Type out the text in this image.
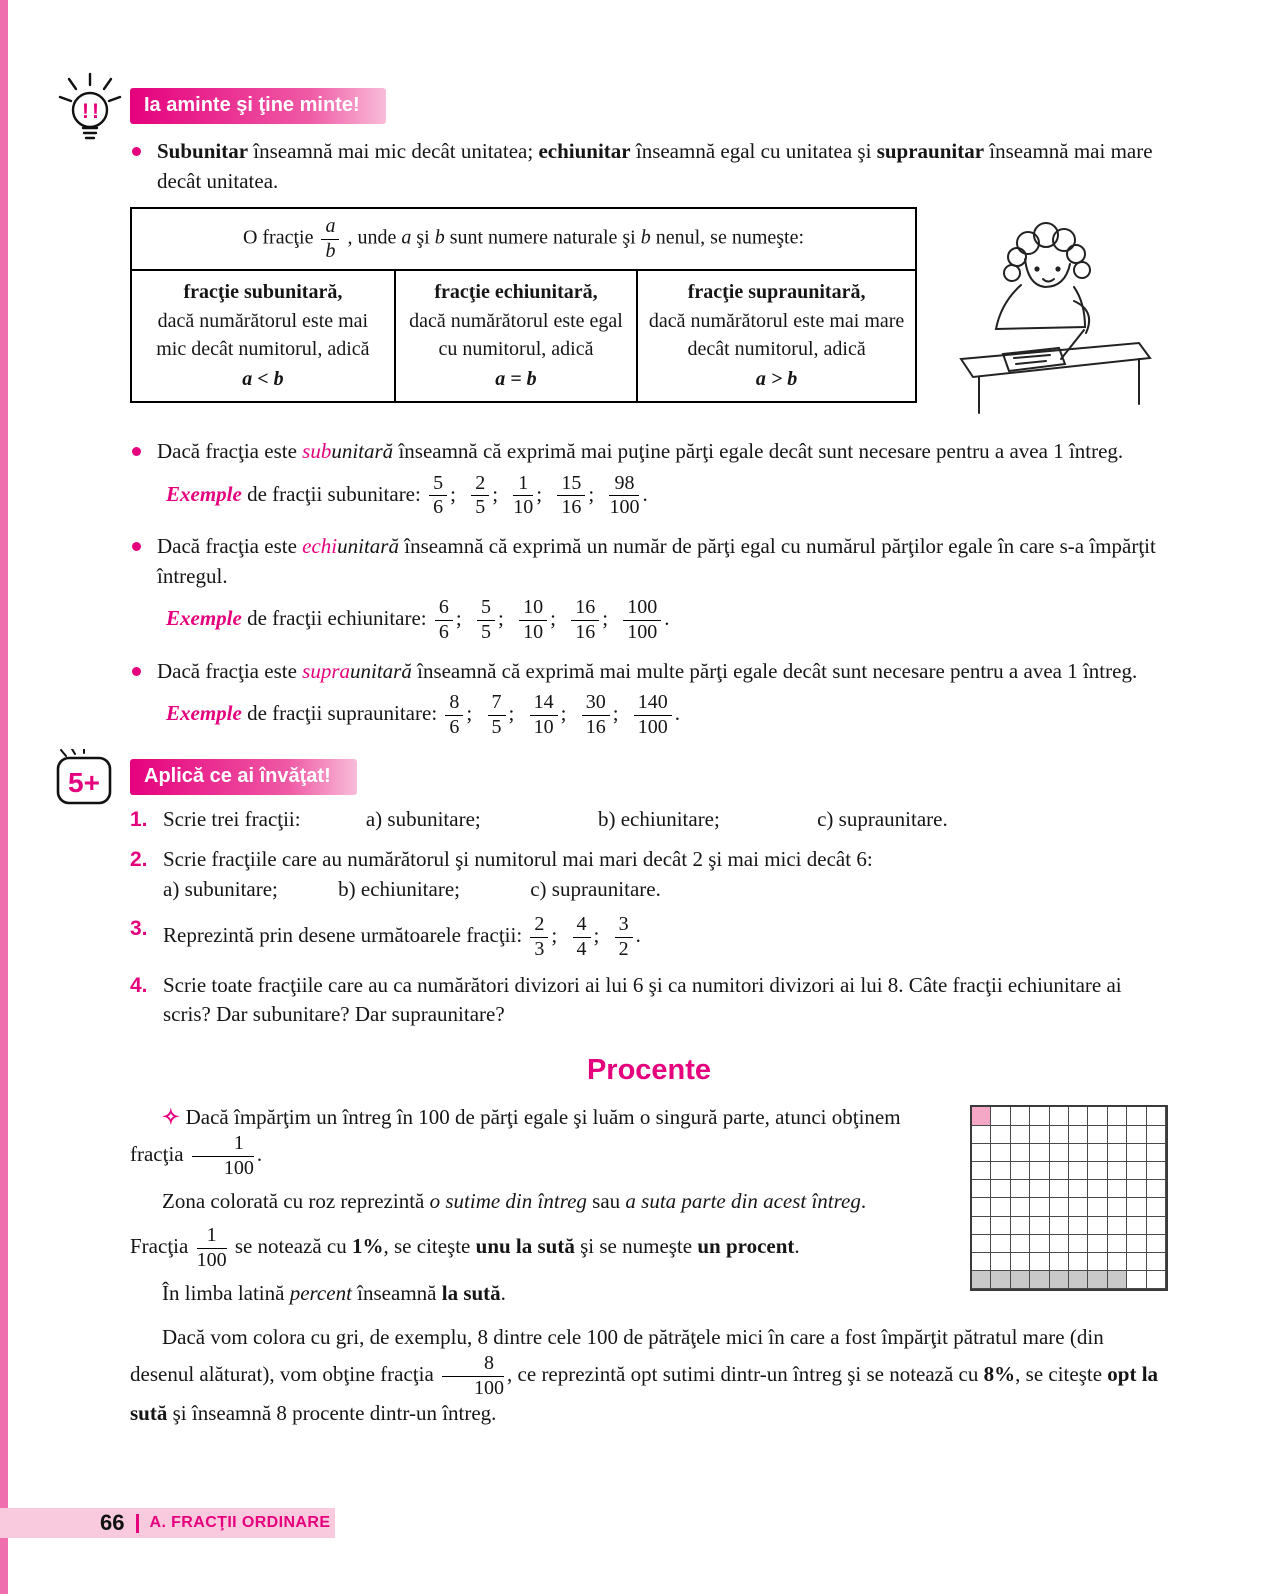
! ! Ia aminte şi ţine minte!

Subunitar înseamnă mai mic decât unitatea; echiunitar înseamnă egal cu unitatea şi supraunitar înseamnă mai mare decât unitatea.

O fracţie $\frac{a}{b}$ , unde a şi b sunt numere naturale şi b nenul, se numeşte:

fracţie subunitară,
dacă numărătorul este mai mic decât numitorul, adică
a < b

fracţie echiunitară,
dacă numărătorul este egal cu numitorul, adică
a = b

fracţie supraunitară,
dacă numărătorul este mai mare decât numitorul, adică
a > b

Dacă fracţia este subunitară înseamnă că exprimă mai puţine părţi egale decât sunt necesare pentru a avea 1 întreg.

Exemple de fracţii subunitare: $\frac{5}{6}$ ; $\frac{2}{5}$ ; $\frac{1}{10}$ ; $\frac{15}{16}$ ; $\frac{98}{100}$ .

Dacă fracţia este echiunitară înseamnă că exprimă un număr de părţi egal cu numărul părţilor egale în care s-a împărţit întregul.

Exemple de fracţii echiunitare: $\frac{6}{6}$ ; $\frac{5}{5}$ ; $\frac{10}{10}$ ; $\frac{16}{16}$ ; $\frac{100}{100}$ .

Dacă fracţia este supraunitară înseamnă că exprimă mai multe părţi egale decât sunt necesare pentru a avea 1 întreg.

Exemple de fracţii supraunitare: $\frac{8}{6}$ ; $\frac{7}{5}$ ; $\frac{14}{10}$ ; $\frac{30}{16}$ ; $\frac{140}{100}$ .

5+ Aplică ce ai învăţat!

1. Scrie trei fracţii:	a) subunitare;	b) echiunitare;	c) supraunitare.

2. Scrie fracţiile care au numărătorul şi numitorul mai mari decât 2 şi mai mici decât 6:
a) subunitare;	b) echiunitare;	c) supraunitare.

3. Reprezintă prin desene următoarele fracţii: $\frac{2}{3}$ ; $\frac{4}{4}$ ; $\frac{3}{2}$ .

4. Scrie toate fracţiile care au ca numărători divizori ai lui 6 şi ca numitori divizori ai lui 8. Câte fracţii echiunitare ai scris? Dar subunitare? Dar supraunitare?

Procente

✧ Dacă împărţim un întreg în 100 de părţi egale şi luăm o singură parte, atunci obţinem fracţia $\frac{1}{100}$ .

Zona colorată cu roz reprezintă o sutime din întreg sau a suta parte din acest întreg.

Fracţia $\frac{1}{100}$ se notează cu 1%, se citeşte unu la sută şi se numeşte un procent.

În limba latină percent înseamnă la sută.

Dacă vom colora cu gri, de exemplu, 8 dintre cele 100 de pătrăţele mici în care a fost împărţit pătratul mare (din desenul alăturat), vom obţine fracţia $\frac{8}{100}$ , ce reprezintă opt sutimi dintr-un întreg şi se notează cu 8%, se citeşte opt la sută şi înseamnă 8 procente dintr-un întreg.

66 A. FRACŢII ORDINARE
